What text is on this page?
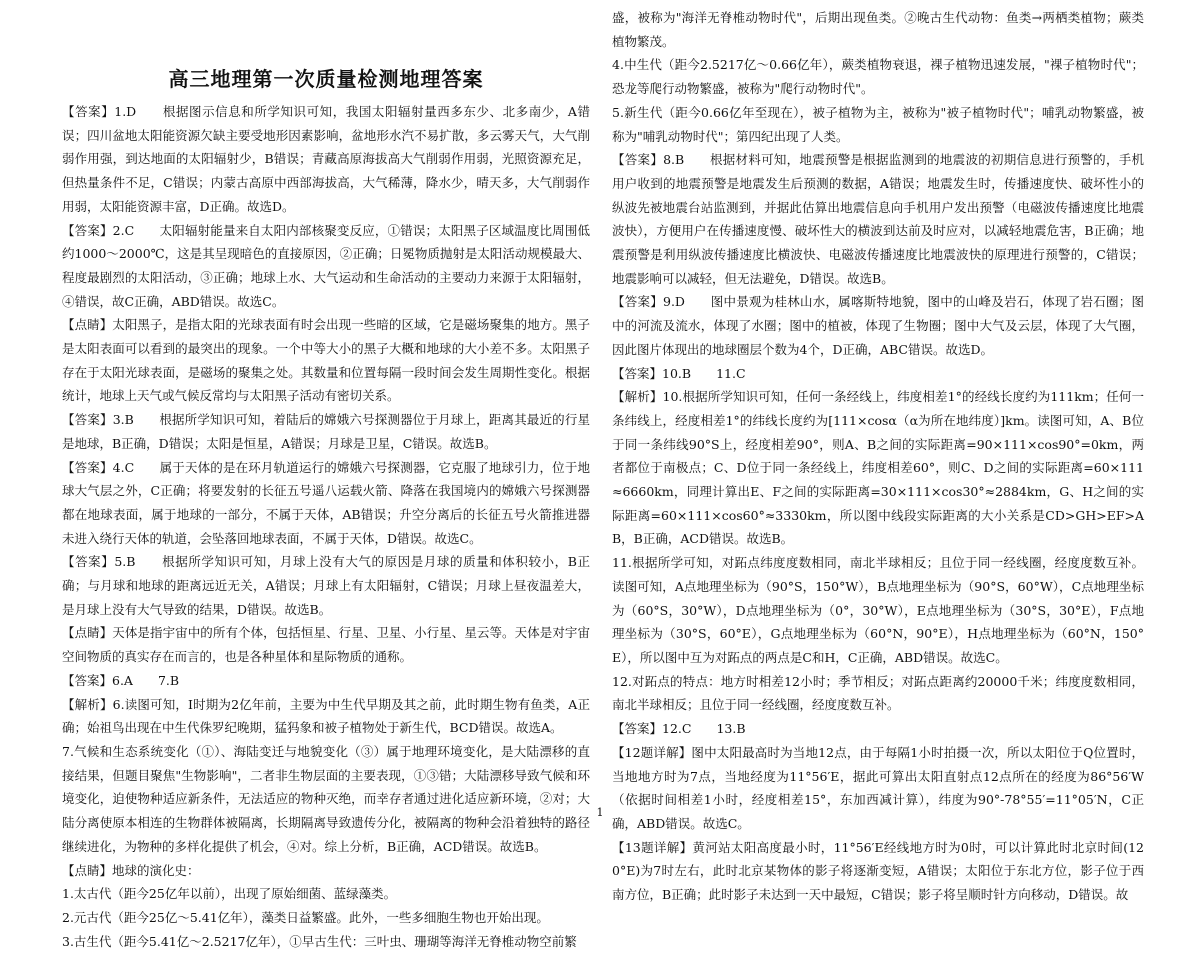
高三地理第一次质量检测地理答案

【答案】1.D　　根据图示信息和所学知识可知，我国太阳辐射量西多东少、北多南少，A错误；四川盆地太阳能资源欠缺主要受地形因素影响，盆地形水汽不易扩散，多云雾天气，大气削弱作用强，到达地面的太阳辐射少，B错误；青藏高原海拔高大气削弱作用弱，光照资源充足，但热量条件不足，C错误；内蒙古高原中西部海拔高，大气稀薄，降水少，晴天多，大气削弱作用弱，太阳能资源丰富，D正确。故选D。

【答案】2.C　　太阳辐射能量来自太阳内部核聚变反应，①错误；太阳黑子区域温度比周围低约1000～2000℃，这是其呈现暗色的直接原因，②正确；日冕物质抛射是太阳活动规模最大、程度最剧烈的太阳活动，③正确；地球上水、大气运动和生命活动的主要动力来源于太阳辐射，④错误，故C正确，ABD错误。故选C。

【点睛】太阳黑子，是指太阳的光球表面有时会出现一些暗的区域，它是磁场聚集的地方。黑子是太阳表面可以看到的最突出的现象。一个中等大小的黑子大概和地球的大小差不多。太阳黑子存在于太阳光球表面，是磁场的聚集之处。其数量和位置每隔一段时间会发生周期性变化。根据统计，地球上天气或气候反常均与太阳黑子活动有密切关系。

【答案】3.B　　根据所学知识可知，着陆后的嫦娥六号探测器位于月球上，距离其最近的行星是地球，B正确，D错误；太阳是恒星，A错误；月球是卫星，C错误。故选B。

【答案】4.C　　属于天体的是在环月轨道运行的嫦娥六号探测器，它克服了地球引力，位于地球大气层之外，C正确；将要发射的长征五号遥八运载火箭、降落在我国境内的嫦娥六号探测器都在地球表面，属于地球的一部分，不属于天体，AB错误；升空分离后的长征五号火箭推进器未进入绕行天体的轨道，会坠落回地球表面，不属于天体，D错误。故选C。

【答案】5.B　　根据所学知识可知，月球上没有大气的原因是月球的质量和体积较小，B正确；与月球和地球的距离远近无关，A错误；月球上有太阳辐射，C错误；月球上昼夜温差大，是月球上没有大气导致的结果，D错误。故选B。

【点睛】天体是指宇宙中的所有个体，包括恒星、行星、卫星、小行星、星云等。天体是对宇宙空间物质的真实存在而言的，也是各种星体和星际物质的通称。

【答案】6.A　　7.B

【解析】6.读图可知，Ⅰ时期为2亿年前，主要为中生代早期及其之前，此时期生物有鱼类，A正确；始祖鸟出现在中生代侏罗纪晚期，猛犸象和被子植物处于新生代，BCD错误。故选A。

7.气候和生态系统变化（①）、海陆变迁与地貌变化（③）属于地理环境变化，是大陆漂移的直接结果，但题目聚焦"生物影响"，二者非生物层面的主要表现，①③错；大陆漂移导致气候和环境变化，迫使物种适应新条件，无法适应的物种灭绝，而幸存者通过进化适应新环境，②对；大陆分离使原本相连的生物群体被隔离，长期隔离导致遗传分化，被隔离的物种会沿着独特的路径继续进化，为物种的多样化提供了机会，④对。综上分析，B正确，ACD错误。故选B。

【点睛】地球的演化史：

1.太古代（距今25亿年以前），出现了原始细菌、蓝绿藻类。

2.元古代（距今25亿～5.41亿年），藻类日益繁盛。此外，一些多细胞生物也开始出现。

3.古生代（距今5.41亿～2.5217亿年），①早古生代：三叶虫、珊瑚等海洋无脊椎动物空前繁

盛，被称为"海洋无脊椎动物时代"，后期出现鱼类。②晚古生代动物：鱼类→两栖类植物；蕨类植物繁茂。

4.中生代（距今2.5217亿～0.66亿年），蕨类植物衰退，裸子植物迅速发展，"裸子植物时代"；恐龙等爬行动物繁盛，被称为"爬行动物时代"。

5.新生代（距今0.66亿年至现在），被子植物为主，被称为"被子植物时代"；哺乳动物繁盛，被称为"哺乳动物时代"；第四纪出现了人类。

【答案】8.B　　根据材料可知，地震预警是根据监测到的地震波的初期信息进行预警的，手机用户收到的地震预警是地震发生后预测的数据，A错误；地震发生时，传播速度快、破坏性小的纵波先被地震台站监测到，并据此估算出地震信息向手机用户发出预警（电磁波传播速度比地震波快），方便用户在传播速度慢、破坏性大的横波到达前及时应对，以减轻地震危害，B正确；地震预警是利用纵波传播速度比横波快、电磁波传播速度比地震波快的原理进行预警的，C错误；地震影响可以减轻，但无法避免，D错误。故选B。

【答案】9.D　　图中景观为桂林山水，属喀斯特地貌，图中的山峰及岩石，体现了岩石圈；图中的河流及流水，体现了水圈；图中的植被，体现了生物圈；图中大气及云层，体现了大气圈，因此图片体现出的地球圈层个数为4个，D正确，ABC错误。故选D。

【答案】10.B　　11.C

【解析】10.根据所学知识可知，任何一条经线上，纬度相差1°的经线长度约为111km；任何一条纬线上，经度相差1°的纬线长度约为[111×cosα（α为所在地纬度）]km。读图可知，A、B位于同一条纬线90°S上，经度相差90°，则A、B之间的实际距离=90×111×cos90°=0km，两者都位于南极点；C、D位于同一条经线上，纬度相差60°，则C、D之间的实际距离=60×111≈6660km，同理计算出E、F之间的实际距离=30×111×cos30°≈2884km，G、H之间的实际距离=60×111×cos60°≈3330km，所以图中线段实际距离的大小关系是CD>GH>EF>AB，B正确，ACD错误。故选B。

11.根据所学可知，对跖点纬度度数相同，南北半球相反；且位于同一经线圈，经度度数互补。读图可知，A点地理坐标为（90°S，150°W），B点地理坐标为（90°S，60°W），C点地理坐标为（60°S，30°W），D点地理坐标为（0°，30°W），E点地理坐标为（30°S，30°E），F点地理坐标为（30°S，60°E），G点地理坐标为（60°N，90°E），H点地理坐标为（60°N，150°E），所以图中互为对跖点的两点是C和H，C正确，ABD错误。故选C。

12.对跖点的特点：地方时相差12小时；季节相反；对跖点距离约20000千米；纬度度数相同，南北半球相反；且位于同一经线圈，经度度数互补。

【答案】12.C　　13.B

【12题详解】图中太阳最高时为当地12点，由于每隔1小时拍摄一次，所以太阳位于Q位置时，当地地方时为7点，当地经度为11°56′E，据此可算出太阳直射点12点所在的经度为86°56′W（依据时间相差1小时，经度相差15°，东加西减计算），纬度为90°-78°55′=11°05′N，C正确，ABD错误。故选C。

【13题详解】黄河站太阳高度最小时，11°56′E经线地方时为0时，可以计算此时北京时间(120°E)为7时左右，此时北京某物体的影子将逐渐变短，A错误；太阳位于东北方位，影子位于西南方位，B正确；此时影子未达到一天中最短，C错误；影子将呈顺时针方向移动，D错误。故

1
